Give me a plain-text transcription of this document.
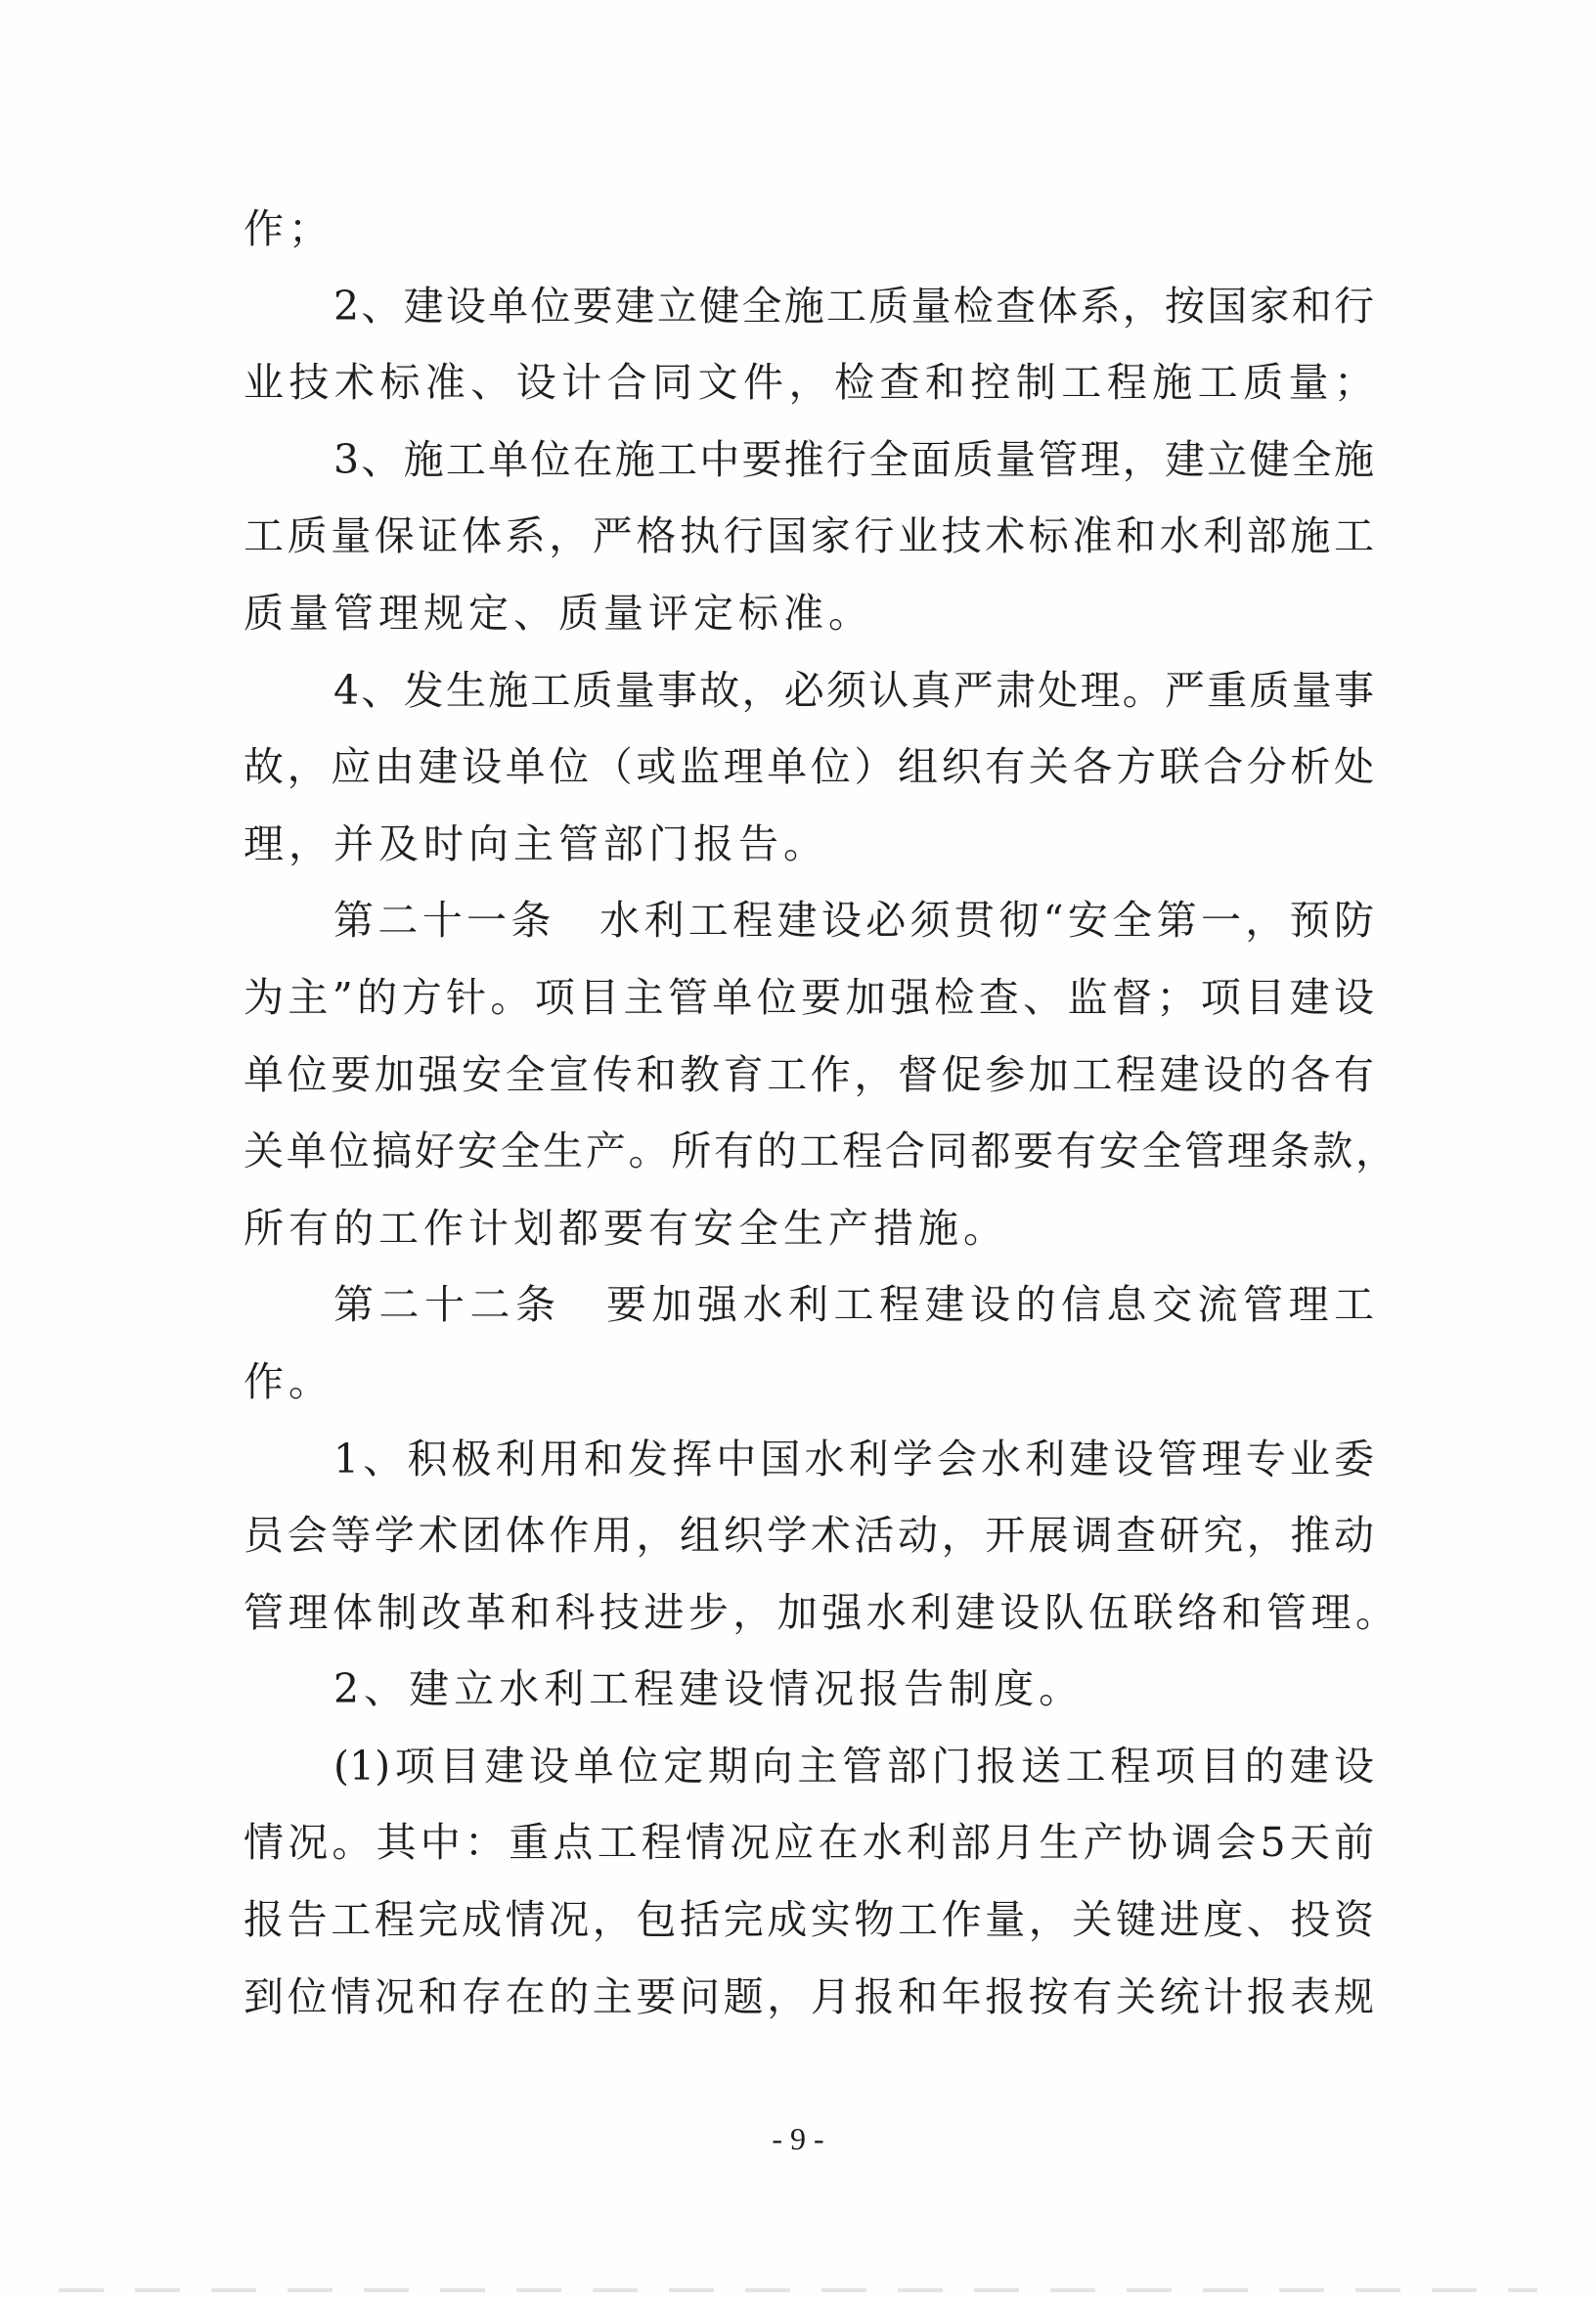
作；

2、建设单位要建立健全施工质量检查体系，按国家和行
业技术标准、设计合同文件，检查和控制工程施工质量；

3、施工单位在施工中要推行全面质量管理，建立健全施
工质量保证体系，严格执行国家行业技术标准和水利部施工
质量管理规定、质量评定标准。

4、发生施工质量事故，必须认真严肃处理。严重质量事
故，应由建设单位（或监理单位）组织有关各方联合分析处
理，并及时向主管部门报告。

第二十一条　水利工程建设必须贯彻“安全第一，预防
为主”的方针。项目主管单位要加强检查、监督；项目建设
单位要加强安全宣传和教育工作，督促参加工程建设的各有
关单位搞好安全生产。所有的工程合同都要有安全管理条款，
所有的工作计划都要有安全生产措施。

第二十二条　要加强水利工程建设的信息交流管理工
作。

1、积极利用和发挥中国水利学会水利建设管理专业委
员会等学术团体作用，组织学术活动，开展调查研究，推动
管理体制改革和科技进步，加强水利建设队伍联络和管理。

2、建立水利工程建设情况报告制度。

(1)项目建设单位定期向主管部门报送工程项目的建设
情况。其中：重点工程情况应在水利部月生产协调会5天前
报告工程完成情况，包括完成实物工作量，关键进度、投资
到位情况和存在的主要问题，月报和年报按有关统计报表规

- 9 -
